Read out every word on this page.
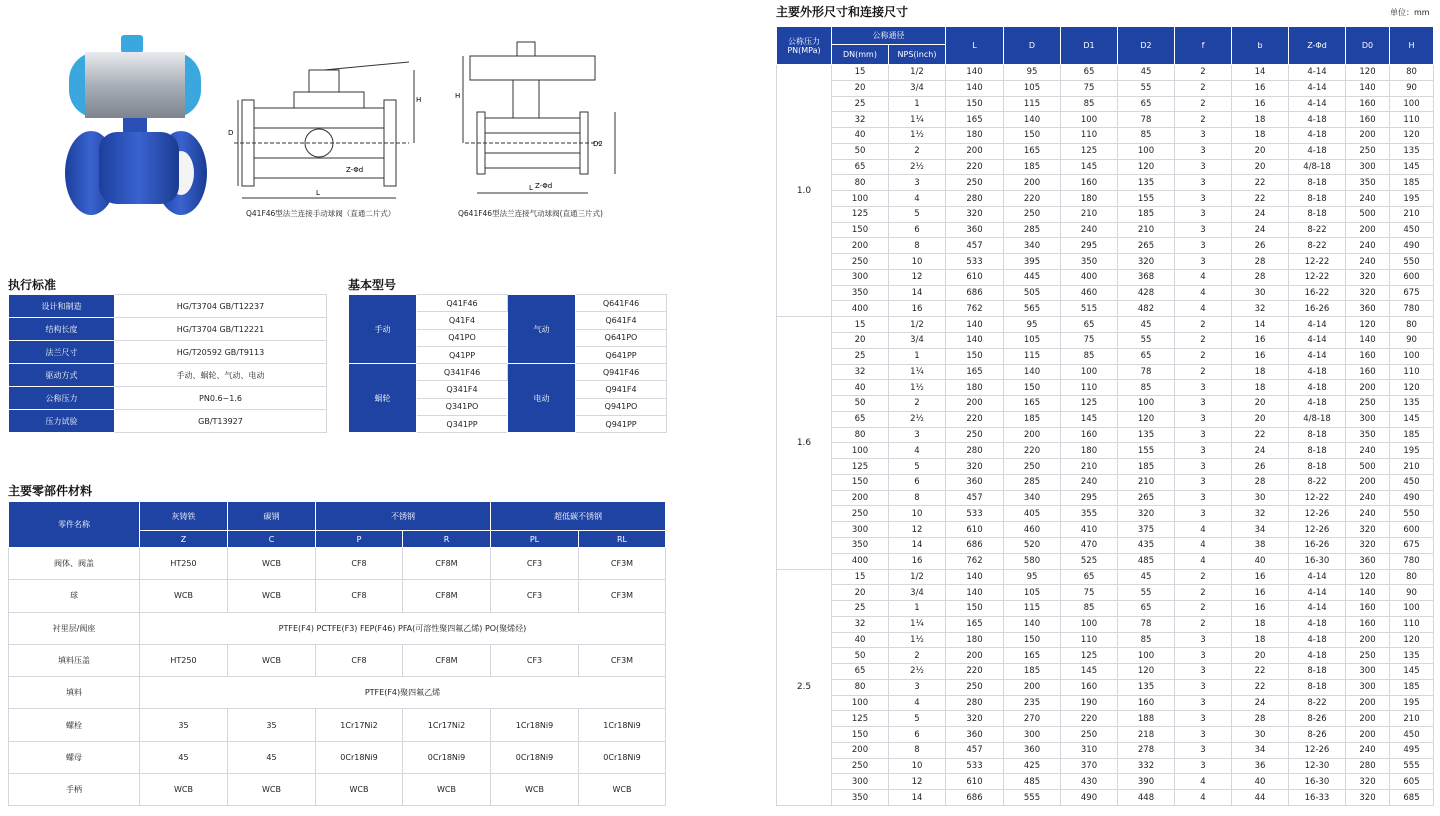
L
D
H
Z-Φd
Q41F46型法兰连接手动球阀（直通二片式）
L
H
D2
Z-Φd
Q641F46型法兰连接气动球阀(直通三片式)
执行标准
设计和制造	HG/T3704 GB/T12237
结构长度	HG/T3704 GB/T12221
法兰尺寸	HG/T20592 GB/T9113
驱动方式	手动、蜗轮、气动、电动
公称压力	PN0.6~1.6
压力试验	GB/T13927
基本型号
手动	Q41F46	气动	Q641F46
	Q41F4		Q641F4
	Q41PO		Q641PO
	Q41PP		Q641PP
蜗轮	Q341F46	电动	Q941F46
	Q341F4		Q941F4
	Q341PO		Q941PO
	Q341PP		Q941PP
主要零部件材料
零件名称	灰铸铁	碳钢	不锈钢		超低碳不锈钢	
	Z	C	P	R	PL	RL
阀体、阀盖	HT250	WCB	CF8	CF8M	CF3	CF3M
球	WCB	WCB	CF8	CF8M	CF3	CF3M
衬里层/阀座	PTFE(F4) PCTFE(F3) FEP(F46) PFA(可溶性聚四氟乙烯) PO(聚烯烃)					
填料压盖	HT250	WCB	CF8	CF8M	CF3	CF3M
填料	PTFE(F4)聚四氟乙烯					
螺栓	35	35	1Cr17Ni2	1Cr17Ni2	1Cr18Ni9	1Cr18Ni9
螺母	45	45	0Cr18Ni9	0Cr18Ni9	0Cr18Ni9	0Cr18Ni9
手柄	WCB	WCB	WCB	WCB	WCB	WCB
主要外形尺寸和连接尺寸	单位：mm
公称压力PN(MPa)	公称通径		L	D	D1	D2	f	b	Z-Φd	D0	H
	DN(mm)	NPS(inch)									
1.0	15	1/2	140	95	65	45	2	14	4-14	120	80
	20	3/4	140	105	75	55	2	16	4-14	140	90
	25	1	150	115	85	65	2	16	4-14	160	100
	32	1¼	165	140	100	78	2	18	4-18	160	110
	40	1½	180	150	110	85	3	18	4-18	200	120
	50	2	200	165	125	100	3	20	4-18	250	135
	65	2½	220	185	145	120	3	20	4/8-18	300	145
	80	3	250	200	160	135	3	22	8-18	350	185
	100	4	280	220	180	155	3	22	8-18	240	195
	125	5	320	250	210	185	3	24	8-18	500	210
	150	6	360	285	240	210	3	24	8-22	200	450
	200	8	457	340	295	265	3	26	8-22	240	490
	250	10	533	395	350	320	3	28	12-22	240	550
	300	12	610	445	400	368	4	28	12-22	320	600
	350	14	686	505	460	428	4	30	16-22	320	675
	400	16	762	565	515	482	4	32	16-26	360	780
1.6	15	1/2	140	95	65	45	2	14	4-14	120	80
	20	3/4	140	105	75	55	2	16	4-14	140	90
	25	1	150	115	85	65	2	16	4-14	160	100
	32	1¼	165	140	100	78	2	18	4-18	160	110
	40	1½	180	150	110	85	3	18	4-18	200	120
	50	2	200	165	125	100	3	20	4-18	250	135
	65	2½	220	185	145	120	3	20	4/8-18	300	145
	80	3	250	200	160	135	3	22	8-18	350	185
	100	4	280	220	180	155	3	24	8-18	240	195
	125	5	320	250	210	185	3	26	8-18	500	210
	150	6	360	285	240	210	3	28	8-22	200	450
	200	8	457	340	295	265	3	30	12-22	240	490
	250	10	533	405	355	320	3	32	12-26	240	550
	300	12	610	460	410	375	4	34	12-26	320	600
	350	14	686	520	470	435	4	38	16-26	320	675
	400	16	762	580	525	485	4	40	16-30	360	780
2.5	15	1/2	140	95	65	45	2	16	4-14	120	80
	20	3/4	140	105	75	55	2	16	4-14	140	90
	25	1	150	115	85	65	2	16	4-14	160	100
	32	1¼	165	140	100	78	2	18	4-18	160	110
	40	1½	180	150	110	85	3	18	4-18	200	120
	50	2	200	165	125	100	3	20	4-18	250	135
	65	2½	220	185	145	120	3	22	8-18	300	145
	80	3	250	200	160	135	3	22	8-18	300	185
	100	4	280	235	190	160	3	24	8-22	200	195
	125	5	320	270	220	188	3	28	8-26	200	210
	150	6	360	300	250	218	3	30	8-26	200	450
	200	8	457	360	310	278	3	34	12-26	240	495
	250	10	533	425	370	332	3	36	12-30	280	555
	300	12	610	485	430	390	4	40	16-30	320	605
	350	14	686	555	490	448	4	44	16-33	320	685
